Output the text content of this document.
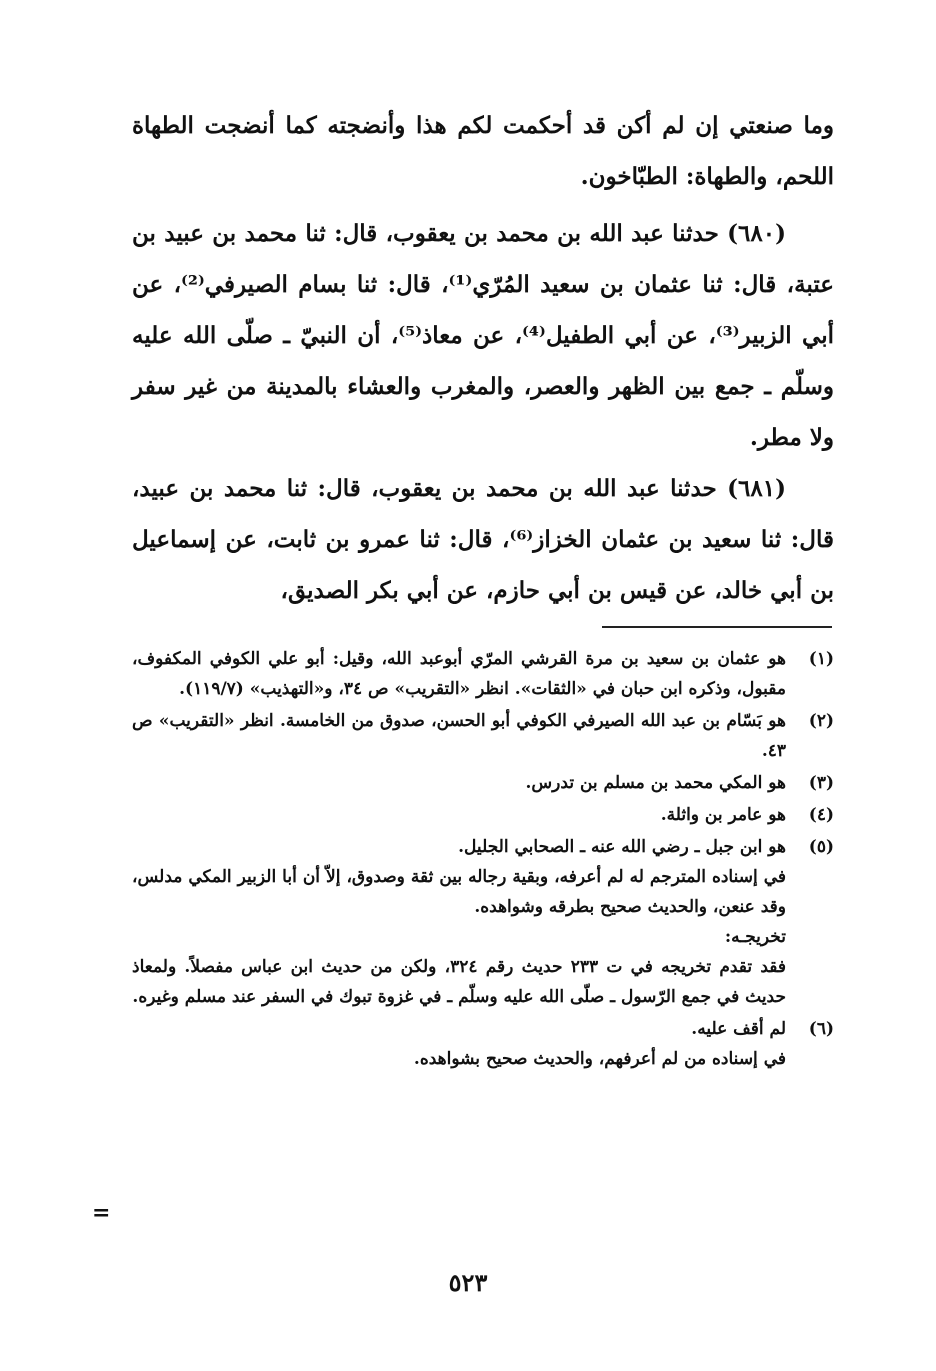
وما صنعتي إن لم أكن قد أحكمت لكم هذا وأنضجته كما أنضجت الطهاة اللحم، والطهاة: الطبّاخون.

(٦٨٠) حدثنا عبد الله بن محمد بن يعقوب، قال: ثنا محمد بن عبيد بن عتبة، قال: ثنا عثمان بن سعيد المُرّي⁽¹⁾، قال: ثنا بسام الصيرفي⁽²⁾، عن أبي الزبير⁽³⁾، عن أبي الطفيل⁽⁴⁾، عن معاذ⁽⁵⁾، أن النبيّ ـ صلّى الله عليه وسلّم ـ جمع بين الظهر والعصر، والمغرب والعشاء بالمدينة من غير سفر ولا مطر.

(٦٨١) حدثنا عبد الله بن محمد بن يعقوب، قال: ثنا محمد بن عبيد، قال: ثنا سعيد بن عثمان الخزاز⁽⁶⁾، قال: ثنا عمرو بن ثابت، عن إسماعيل بن أبي خالد، عن قيس بن أبي حازم، عن أبي بكر الصديق،

(١)

هو عثمان بن سعيد بن مرة القرشي المرّي أبوعبد الله، وقيل: أبو علي الكوفي المكفوف، مقبول، وذكره ابن حبان في «الثقات». انظر «التقريب» ص ٣٤، و«التهذيب» (١١٩/٧).

(٢)

هو بَسّام بن عبد الله الصيرفي الكوفي أبو الحسن، صدوق من الخامسة. انظر «التقريب» ص ٤٣.

(٣)

هو المكي محمد بن مسلم بن تدرس.

(٤)

هو عامر بن واثلة.

(٥)

هو ابن جبل ـ رضي الله عنه ـ الصحابي الجليل.

في إسناده المترجم له لم أعرفه، وبقية رجاله بين ثقة وصدوق، إلاّ أن أبا الزبير المكي مدلس، وقد عنعن، والحديث صحيح بطرقه وشواهده.

تخريجـه:

فقد تقدم تخريجه في ت ٢٣٣ حديث رقم ٣٢٤، ولكن من حديث ابن عباس مفصلاً. ولمعاذ حديث في جمع الرّسول ـ صلّى الله عليه وسلّم ـ في غزوة تبوك في السفر عند مسلم وغيره.

(٦)

لم أقف عليه.

في إسناده من لم أعرفهم، والحديث صحيح بشواهده.

=
٥٢٣
